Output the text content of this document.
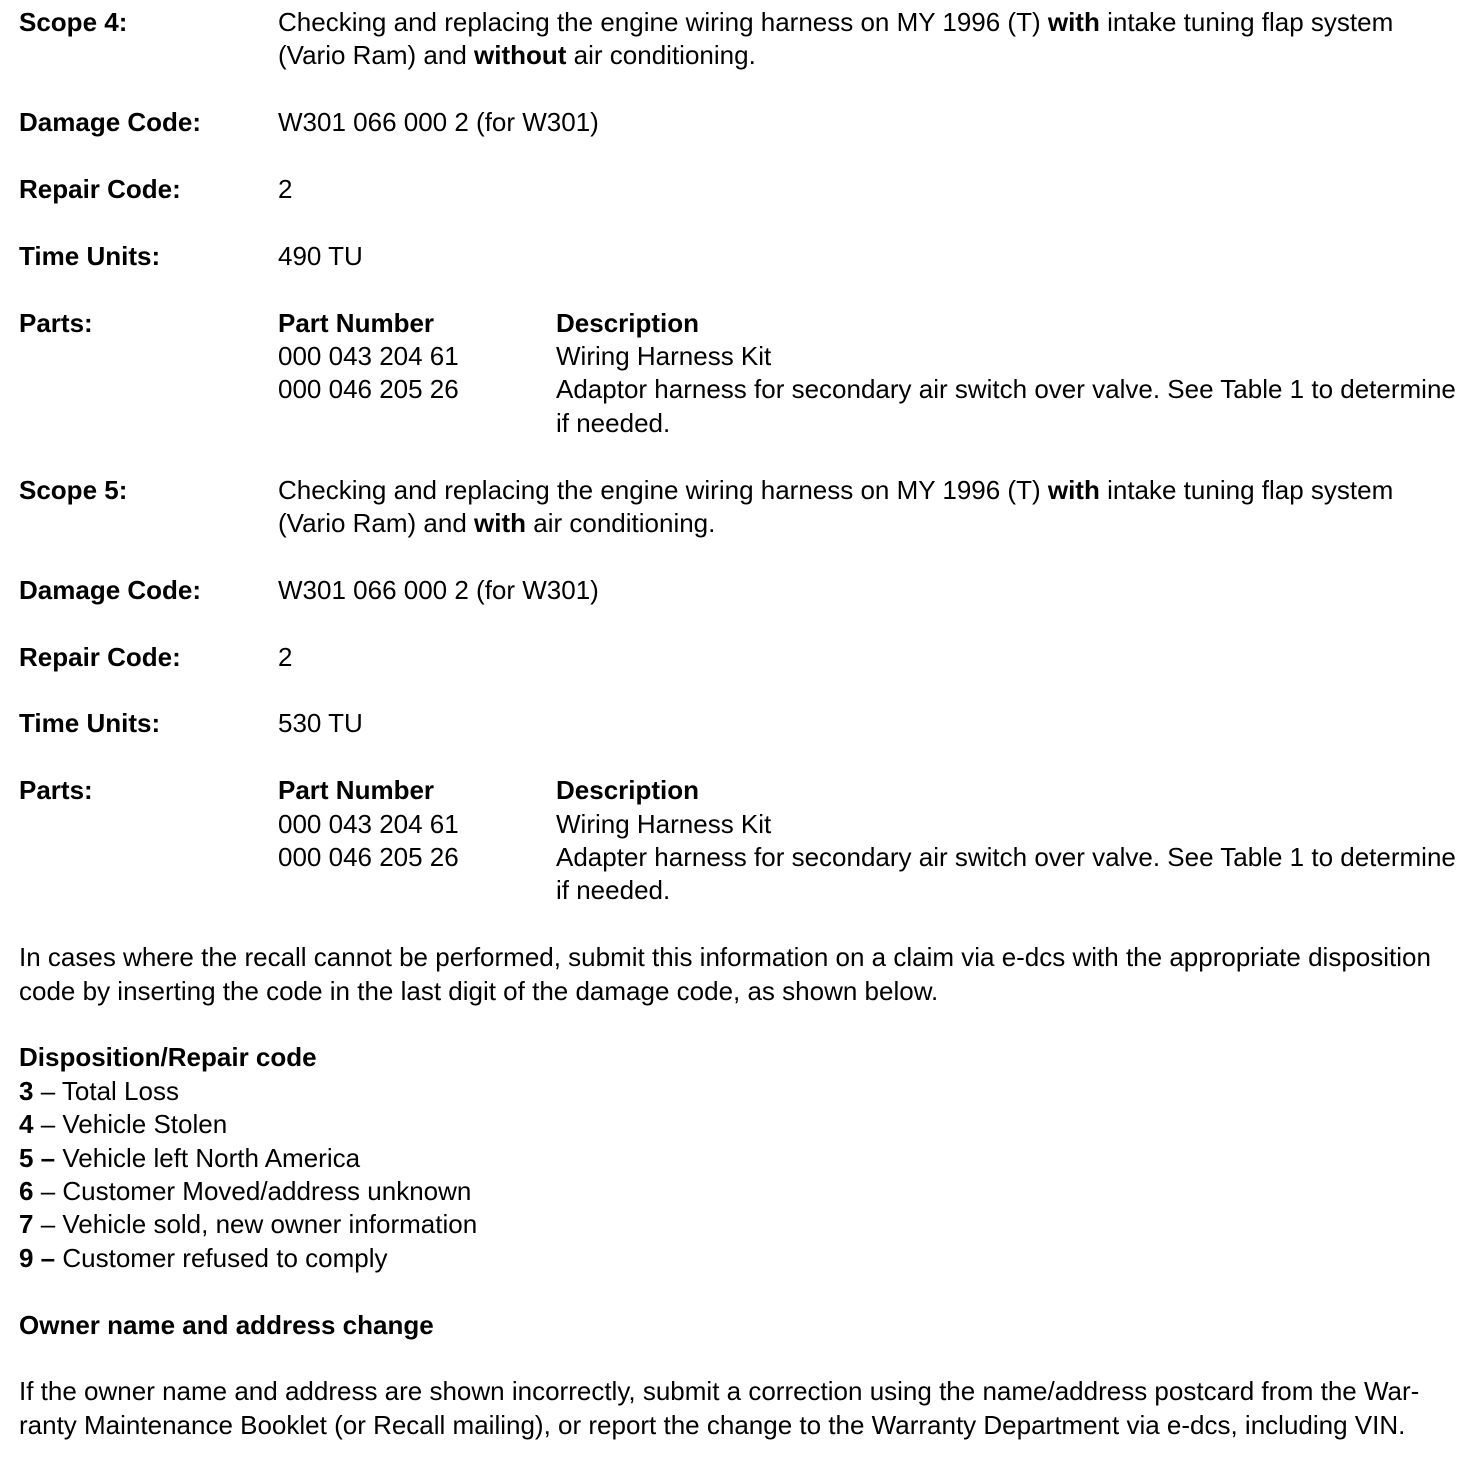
Scope 4:	Checking and replacing the engine wiring harness on MY 1996 (T) with intake tuning flap system (Vario Ram) and without air conditioning.
Damage Code:	W301 066 000 2 (for W301)
Repair Code:	2
Time Units:	490 TU
Parts:	Part Number	Description
000 043 204 61	Wiring Harness Kit
000 046 205 26	Adaptor harness for secondary air switch over valve. See Table 1 to determine if needed.
Scope 5:	Checking and replacing the engine wiring harness on MY 1996 (T) with intake tuning flap system (Vario Ram) and with air conditioning.
Damage Code:	W301 066 000 2 (for W301)
Repair Code:	2
Time Units:	530 TU
Parts:	Part Number	Description
000 043 204 61	Wiring Harness Kit
000 046 205 26	Adapter harness for secondary air switch over valve. See Table 1 to determine if needed.
In cases where the recall cannot be performed, submit this information on a claim via e-dcs with the appropriate disposition code by inserting the code in the last digit of the damage code, as shown below.
Disposition/Repair code
3 – Total Loss
4 – Vehicle Stolen
5 – Vehicle left North America
6 – Customer Moved/address unknown
7 – Vehicle sold, new owner information
9 – Customer refused to comply
Owner name and address change
If the owner name and address are shown incorrectly, submit a correction using the name/address postcard from the War-ranty Maintenance Booklet (or Recall mailing), or report the change to the Warranty Department via e-dcs, including VIN.
